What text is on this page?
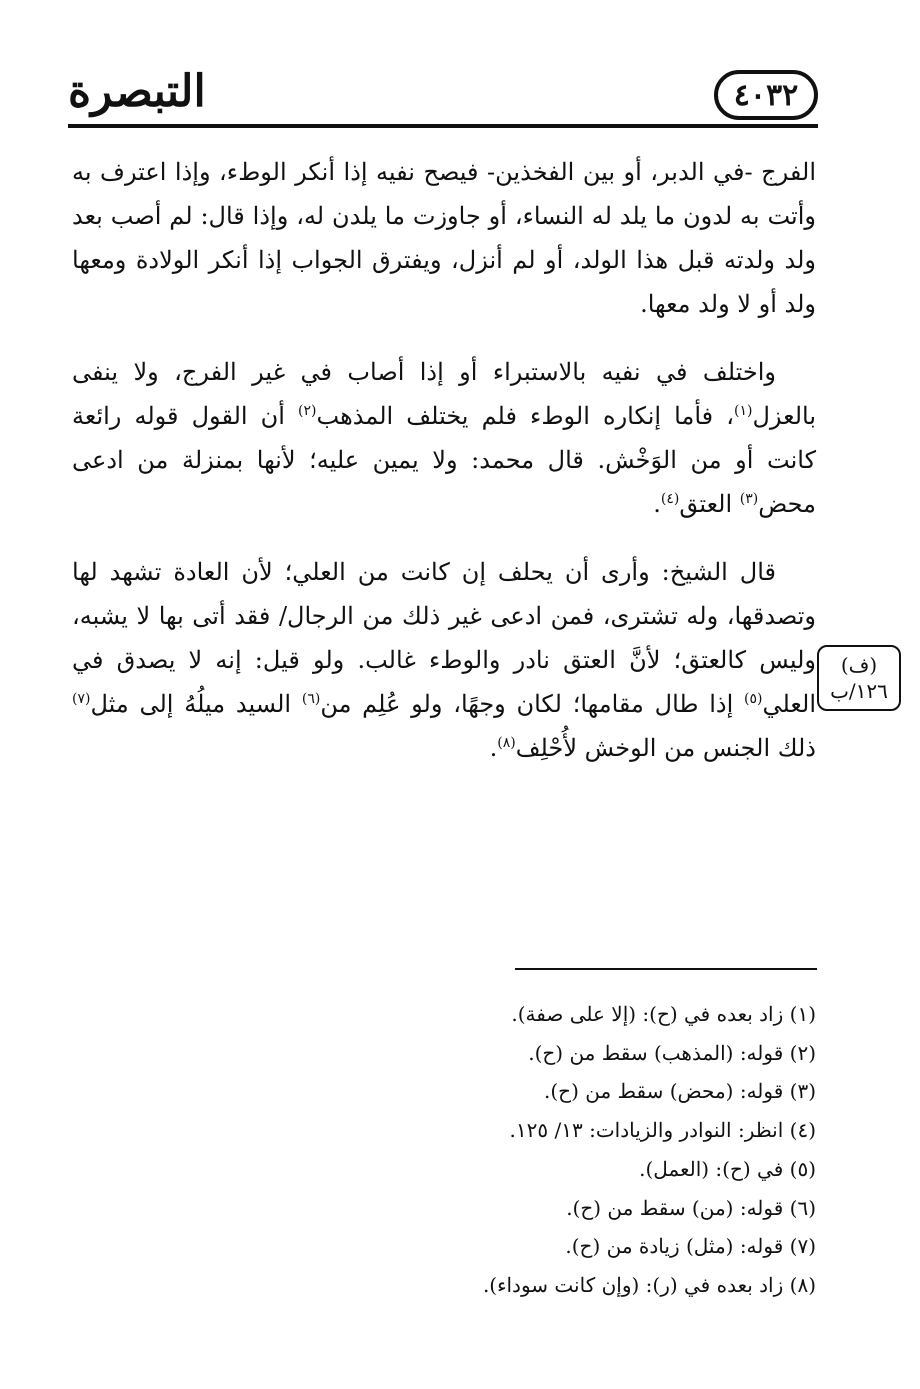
التبصرة	٤٠٣٢

الفرج -في الدبر، أو بين الفخذين- فيصح نفيه إذا أنكر الوطء، وإذا اعترف به وأتت به لدون ما يلد له النساء، أو جاوزت ما يلدن له، وإذا قال: لم أصب بعد ولد ولدته قبل هذا الولد، أو لم أنزل، ويفترق الجواب إذا أنكر الولادة ومعها ولد أو لا ولد معها.

واختلف في نفيه بالاستبراء أو إذا أصاب في غير الفرج، ولا ينفى بالعزل$^{(١)}$، فأما إنكاره الوطء فلم يختلف المذهب$^{(٢)}$ أن القول قوله رائعة كانت أو من الوَخْش. قال محمد: ولا يمين عليه؛ لأنها بمنزلة من ادعى محض$^{(٣)}$ العتق$^{(٤)}$.

قال الشيخ: وأرى أن يحلف إن كانت من العلي؛ لأن العادة تشهد لها وتصدقها، وله تشترى، فمن ادعى غير ذلك من الرجال/ فقد أتى بها لا يشبه، وليس كالعتق؛ لأنَّ العتق نادر والوطء غالب. ولو قيل: إنه لا يصدق في العلي$^{(٥)}$ إذا طال مقامها؛ لكان وجهًا، ولو عُلِم من$^{(٦)}$ السيد ميلُهُ إلى مثل$^{(٧)}$ ذلك الجنس من الوخش لأُحْلِف$^{(٨)}$.

(ف)
١٢٦/ب
(١) زاد بعده في (ح): (إلا على صفة).
(٢) قوله: (المذهب) سقط من (ح).
(٣) قوله: (محض) سقط من (ح).
(٤) انظر: النوادر والزيادات: ١٣/ ١٢٥.
(٥) في (ح): (العمل).
(٦) قوله: (من) سقط من (ح).
(٧) قوله: (مثل) زيادة من (ح).
(٨) زاد بعده في (ر): (وإن كانت سوداء).
